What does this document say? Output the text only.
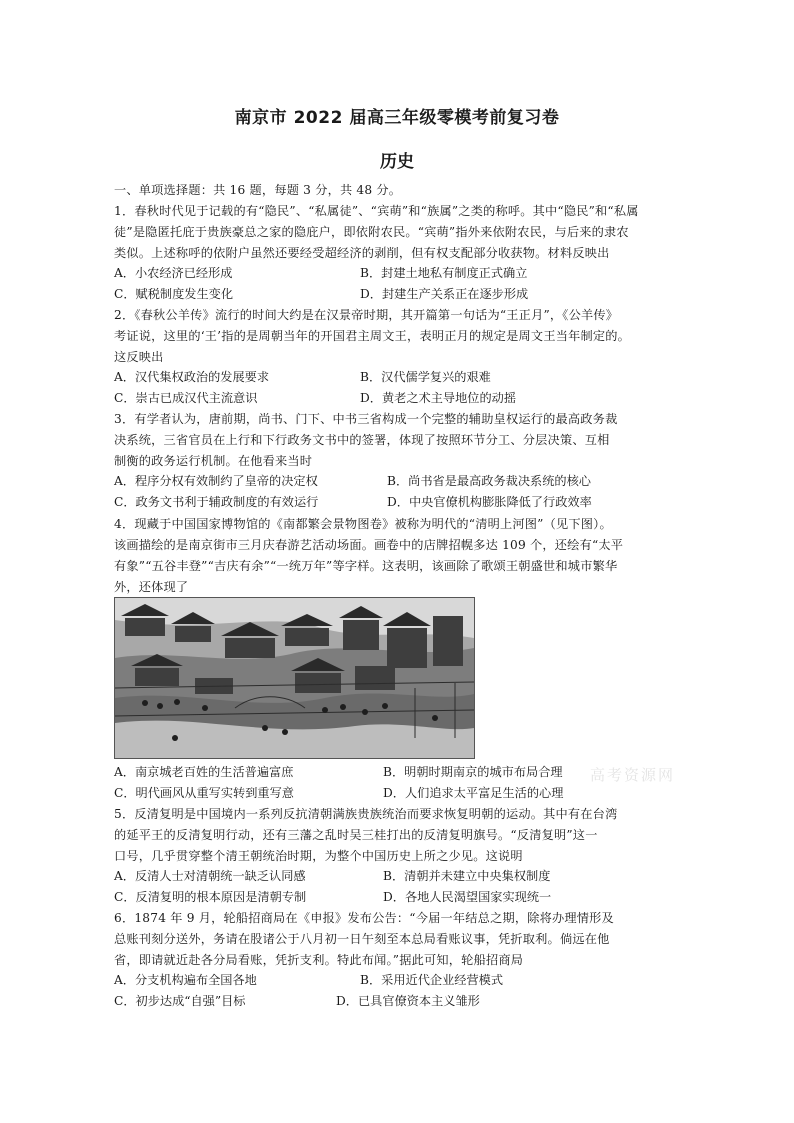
南京市 2022 届高三年级零模考前复习卷
历史
一、单项选择题：共 16 题，每题 3 分，共 48 分。
1．春秋时代见于记载的有“隐民”、“私属徒”、“宾萌”和“族属”之类的称呼。其中“隐民”和“私属
徒”是隐匿托庇于贵族豪总之家的隐庇户，即依附农民。“宾萌”指外来依附农民，与后来的隶农
类似。上述称呼的依附户虽然还要经受超经济的剥削，但有权支配部分收获物。材料反映出
A．小农经济已经形成	B．封建土地私有制度正式确立
C．赋税制度发生变化	D．封建生产关系正在逐步形成
2．《春秋公羊传》流行的时间大约是在汉景帝时期，其开篇第一句话为“王正月”，《公羊传》
考证说，这里的‘王’指的是周朝当年的开国君主周文王，表明正月的规定是周文王当年制定的。
这反映出
A．汉代集权政治的发展要求	B．汉代儒学复兴的艰难
C．崇古已成汉代主流意识	D．黄老之术主导地位的动摇
3．有学者认为，唐前期，尚书、门下、中书三省构成一个完整的辅助皇权运行的最高政务裁
决系统，三省官员在上行和下行政务文书中的签署，体现了按照环节分工、分层决策、互相
制衡的政务运行机制。在他看来当时
A．程序分权有效制约了皇帝的决定权	B．尚书省是最高政务裁决系统的核心
C．政务文书利于辅政制度的有效运行	D．中央官僚机构膨胀降低了行政效率
4．现藏于中国国家博物馆的《南都繁会景物图卷》被称为明代的“清明上河图”（见下图）。
该画描绘的是南京街市三月庆春游艺活动场面。画卷中的店牌招幌多达 109 个，还绘有“太平
有象”“五谷丰登”“吉庆有余”“一统万年”等字样。这表明，该画除了歌颂王朝盛世和城市繁华
外，还体现了
A．南京城老百姓的生活普遍富庶	B．明朝时期南京的城市布局合理
C．明代画风从重写实转到重写意	D．人们追求太平富足生活的心理
高考资源网
5．反清复明是中国境内一系列反抗清朝满族贵族统治而要求恢复明朝的运动。其中有在台湾
的延平王的反清复明行动，还有三藩之乱时吴三桂打出的反清复明旗号。“反清复明”这一
口号，几乎贯穿整个清王朝统治时期，为整个中国历史上所之少见。这说明
A．反清人士对清朝统一缺乏认同感	B．清朝并未建立中央集权制度
C．反清复明的根本原因是清朝专制	D．各地人民渴望国家实现统一
6．1874 年 9 月，轮船招商局在《申报》发布公告：“今届一年结总之期，除将办理情形及
总账刊刻分送外，务请在股诸公于八月初一日午刻至本总局看账议事，凭折取利。倘远在他
省，即请就近赴各分局看账，凭折支利。特此布闻。”据此可知，轮船招商局
A．分支机构遍布全国各地	B．采用近代企业经营模式
C．初步达成“自强”目标	D．已具官僚资本主义雏形
